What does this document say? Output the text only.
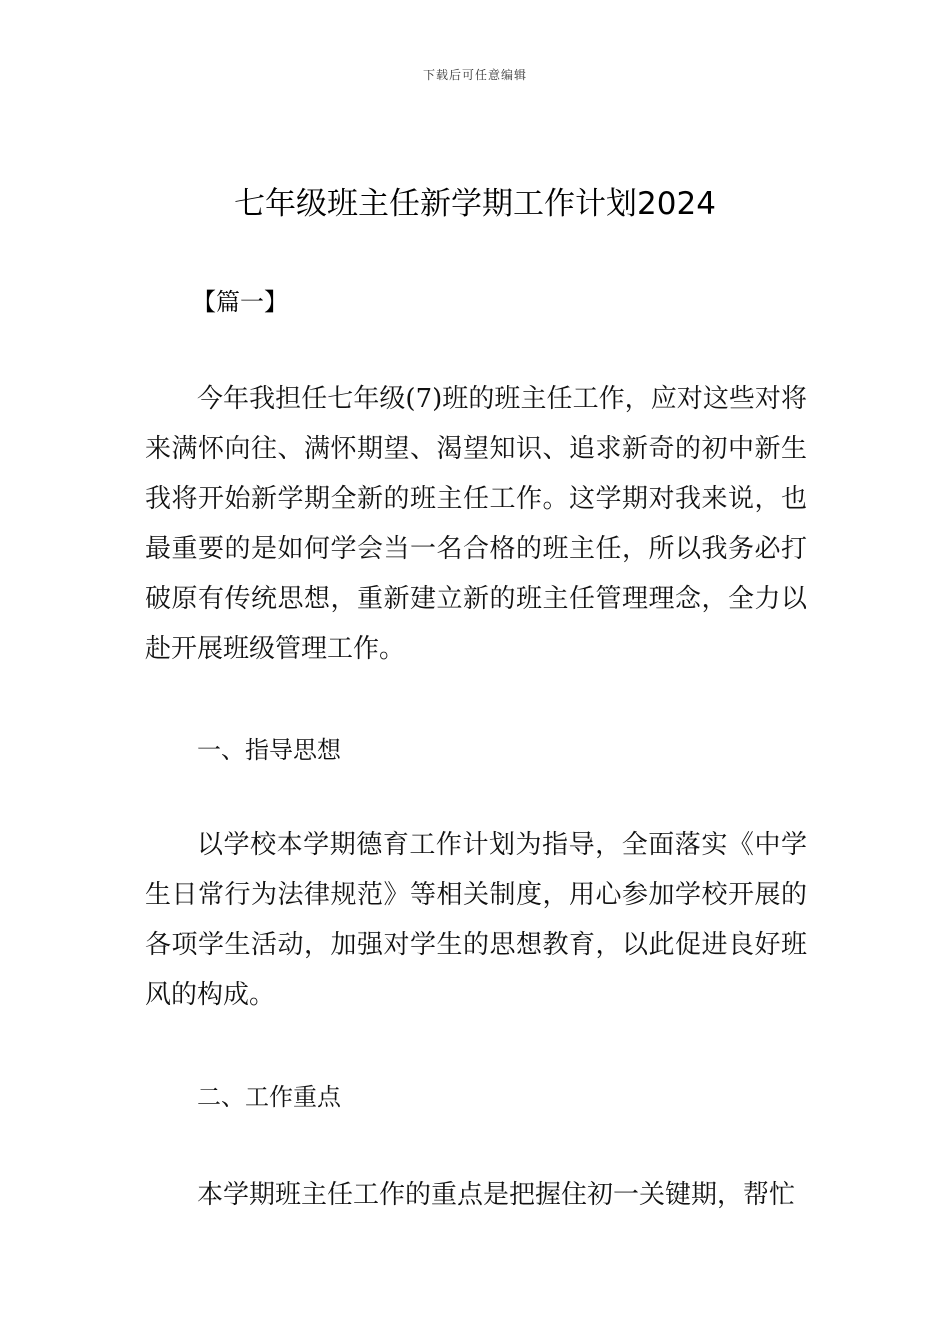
下载后可任意编辑
七年级班主任新学期工作计划2024
【篇一】

今年我担任七年级(7)班的班主任工作，应对这些对将来满怀向往、满怀期望、渴望知识、追求新奇的初中新生我将开始新学期全新的班主任工作。这学期对我来说，也最重要的是如何学会当一名合格的班主任，所以我务必打破原有传统思想，重新建立新的班主任管理理念，全力以赴开展班级管理工作。

一、指导思想

以学校本学期德育工作计划为指导，全面落实《中学生日常行为法律规范》等相关制度，用心参加学校开展的各项学生活动，加强对学生的思想教育，以此促进良好班风的构成。

二、工作重点

本学期班主任工作的重点是把握住初一关键期，帮忙
